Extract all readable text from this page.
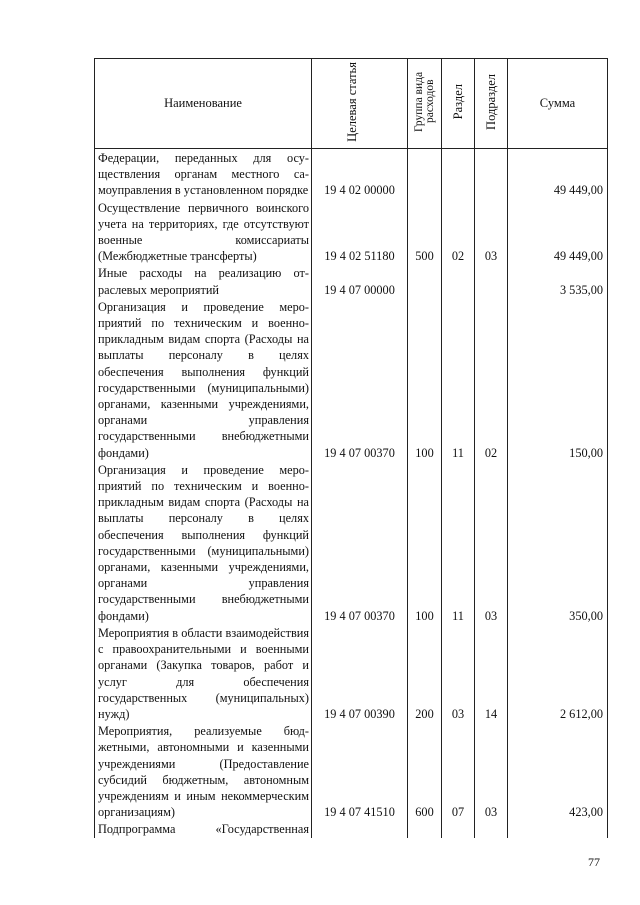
Наименование	Целевая статья	Группа вида расходов	Раздел	Подраздел	Сумма
Федерации, переданных для осуществления органам местного самоуправления в установленном порядке	19 4 02 00000				49 449,00
Осуществление первичного воинского учета на территориях, где отсутствуют военные комиссариаты (Межбюджетные трансферты)	19 4 02 51180	500	02	03	49 449,00
Иные расходы на реализацию отраслевых мероприятий	19 4 07 00000				3 535,00
Организация и проведение мероприятий по техническим и военноприкладным видам спорта (Расходы на выплаты персоналу в целях обеспечения выполнения функций государственными (муниципальными) органами, казенными учреждениями, органами управления государственными внебюджетными фондами)	19 4 07 00370	100	11	02	150,00
Организация и проведение мероприятий по техническим и военноприкладным видам спорта (Расходы на выплаты персоналу в целях обеспечения выполнения функций государственными (муниципальными) органами, казенными учреждениями, органами управления государственными внебюджетными фондами)	19 4 07 00370	100	11	03	350,00
Мероприятия в области взаимодействия с правоохранительными и военными органами (Закупка товаров, работ и услуг для обеспечения государственных (муниципальных) нужд)	19 4 07 00390	200	03	14	2 612,00
Мероприятия, реализуемые бюджетными, автономными и казенными учреждениями (Предоставление субсидий бюджетным, автономным учреждениям и иным некоммерческим организациям)	19 4 07 41510	600	07	03	423,00
Подпрограмма «Государственная					
77
